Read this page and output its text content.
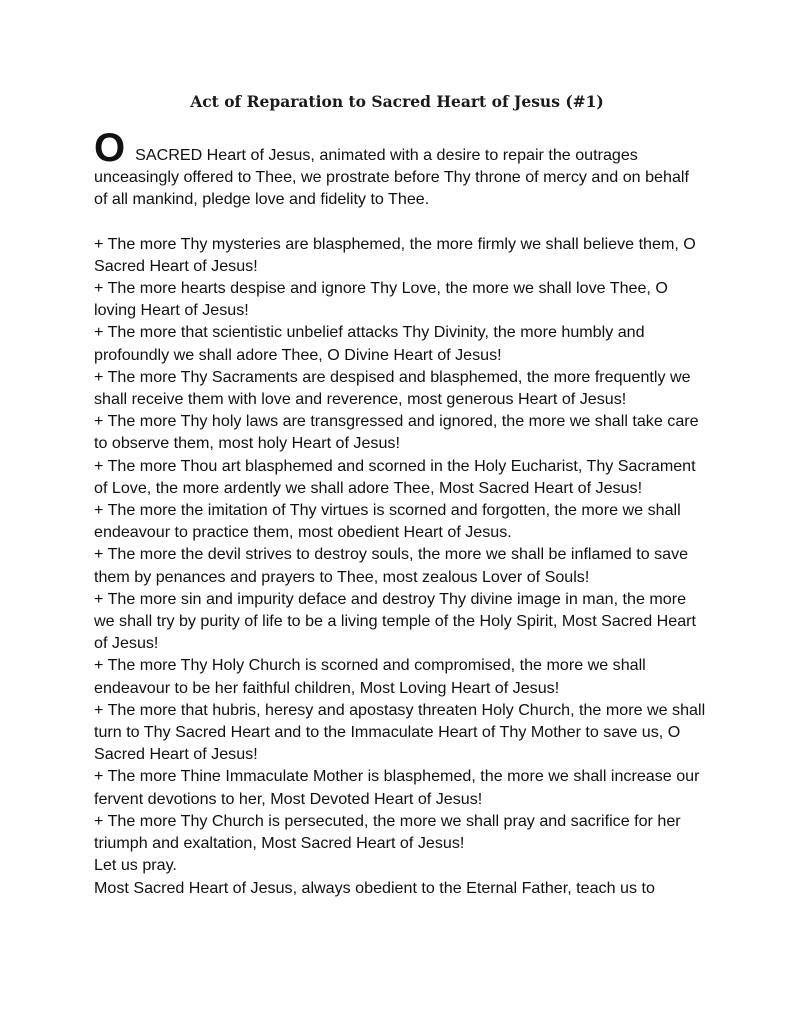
Act of Reparation to Sacred Heart of Jesus (#1)
OSACRED Heart of Jesus, animated with a desire to repair the outrages
unceasingly offered to Thee, we prostrate before Thy throne of mercy and on behalf of all mankind, pledge love and fidelity to Thee.
+ The more Thy mysteries are blasphemed, the more firmly we shall believe them, O Sacred Heart of Jesus!
+ The more hearts despise and ignore Thy Love, the more we shall love Thee, O loving Heart of Jesus!
+ The more that scientistic unbelief attacks Thy Divinity, the more humbly and profoundly we shall adore Thee, O Divine Heart of Jesus!
+ The more Thy Sacraments are despised and blasphemed, the more frequently we shall receive them with love and reverence, most generous Heart of Jesus!
+ The more Thy holy laws are transgressed and ignored, the more we shall take care to observe them, most holy Heart of Jesus!
+ The more Thou art blasphemed and scorned in the Holy Eucharist, Thy Sacrament of Love, the more ardently we shall adore Thee, Most Sacred Heart of Jesus!
+ The more the imitation of Thy virtues is scorned and forgotten, the more we shall endeavour to practice them, most obedient Heart of Jesus.
+ The more the devil strives to destroy souls, the more we shall be inflamed to save them by penances and prayers to Thee, most zealous Lover of Souls!
+ The more sin and impurity deface and destroy Thy divine image in man, the more we shall try by purity of life to be a living temple of the Holy Spirit, Most Sacred Heart of Jesus!
+ The more Thy Holy Church is scorned and compromised, the more we shall endeavour to be her faithful children, Most Loving Heart of Jesus!
+ The more that hubris, heresy and apostasy threaten Holy Church, the more we shall turn to Thy Sacred Heart and to the Immaculate Heart of Thy Mother to save us, O Sacred Heart of Jesus!
+ The more Thine Immaculate Mother is blasphemed, the more we shall increase our fervent devotions to her, Most Devoted Heart of Jesus!
+ The more Thy Church is persecuted, the more we shall pray and sacrifice for her triumph and exaltation, Most Sacred Heart of Jesus!
Let us pray.
Most Sacred Heart of Jesus, always obedient to the Eternal Father, teach us to
